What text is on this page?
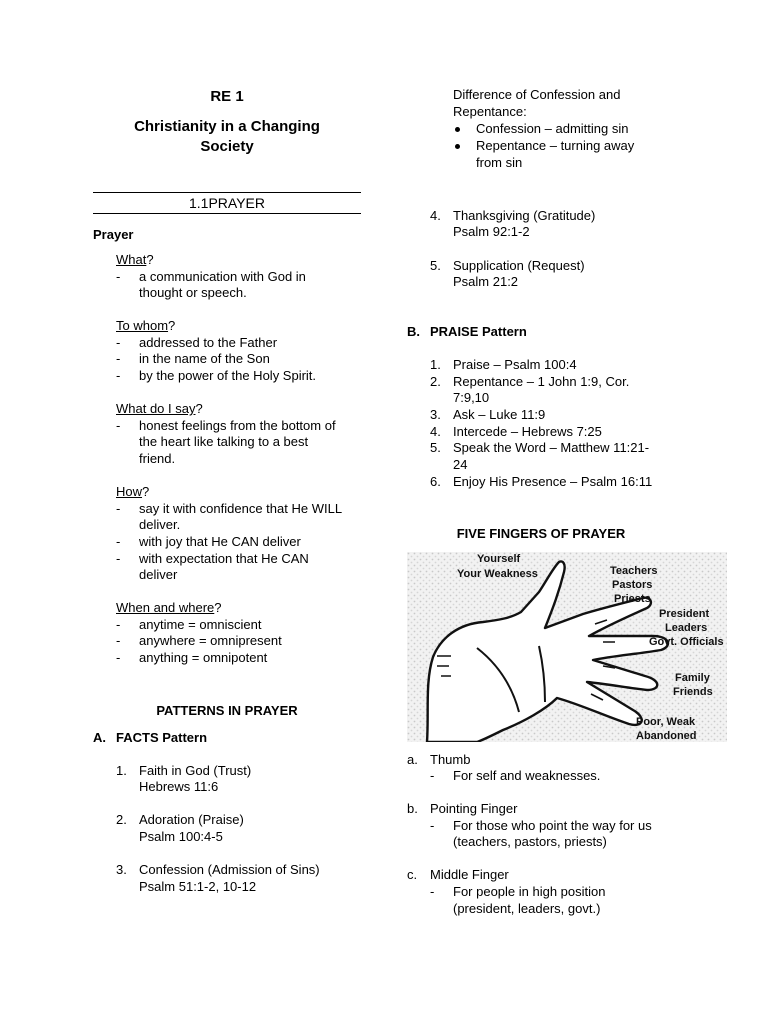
RE 1
Christianity in a Changing
Society
1.1PRAYER
Prayer
What?
- a communication with God in
thought or speech.
To whom?
- addressed to the Father
- in the name of the Son
- by the power of the Holy Spirit.
What do I say?
- honest feelings from the bottom of
the heart like talking to a best
friend.
How?
- say it with confidence that He WILL
deliver.
- with joy that He CAN deliver
- with expectation that He CAN
deliver
When and where?
- anytime = omniscient
- anywhere = omnipresent
- anything = omnipotent
PATTERNS IN PRAYER
A. FACTS Pattern
1. Faith in God (Trust)
Hebrews 11:6
2. Adoration (Praise)
Psalm 100:4-5
3. Confession (Admission of Sins)
Psalm 51:1-2, 10-12
Difference of Confession and
Repentance:
Confession – admitting sin
Repentance – turning away
from sin
4. Thanksgiving (Gratitude)
Psalm 92:1-2
5. Supplication (Request)
Psalm 21:2
B. PRAISE Pattern
1. Praise – Psalm 100:4
2. Repentance – 1 John 1:9, Cor.
7:9,10
3. Ask – Luke 11:9
4. Intercede – Hebrews 7:25
5. Speak the Word – Matthew 11:21-
24
6. Enjoy His Presence – Psalm 16:11
FIVE FINGERS OF PRAYER
Yourself
Your Weakness	Teachers
Pastors
Priests
President
Leaders
Govt. Officials
Family
Friends
Poor, Weak
Abandoned
a. Thumb
- For self and weaknesses.
b. Pointing Finger
- For those who point the way for us
(teachers, pastors, priests)
c. Middle Finger
- For people in high position
(president, leaders, govt.)
